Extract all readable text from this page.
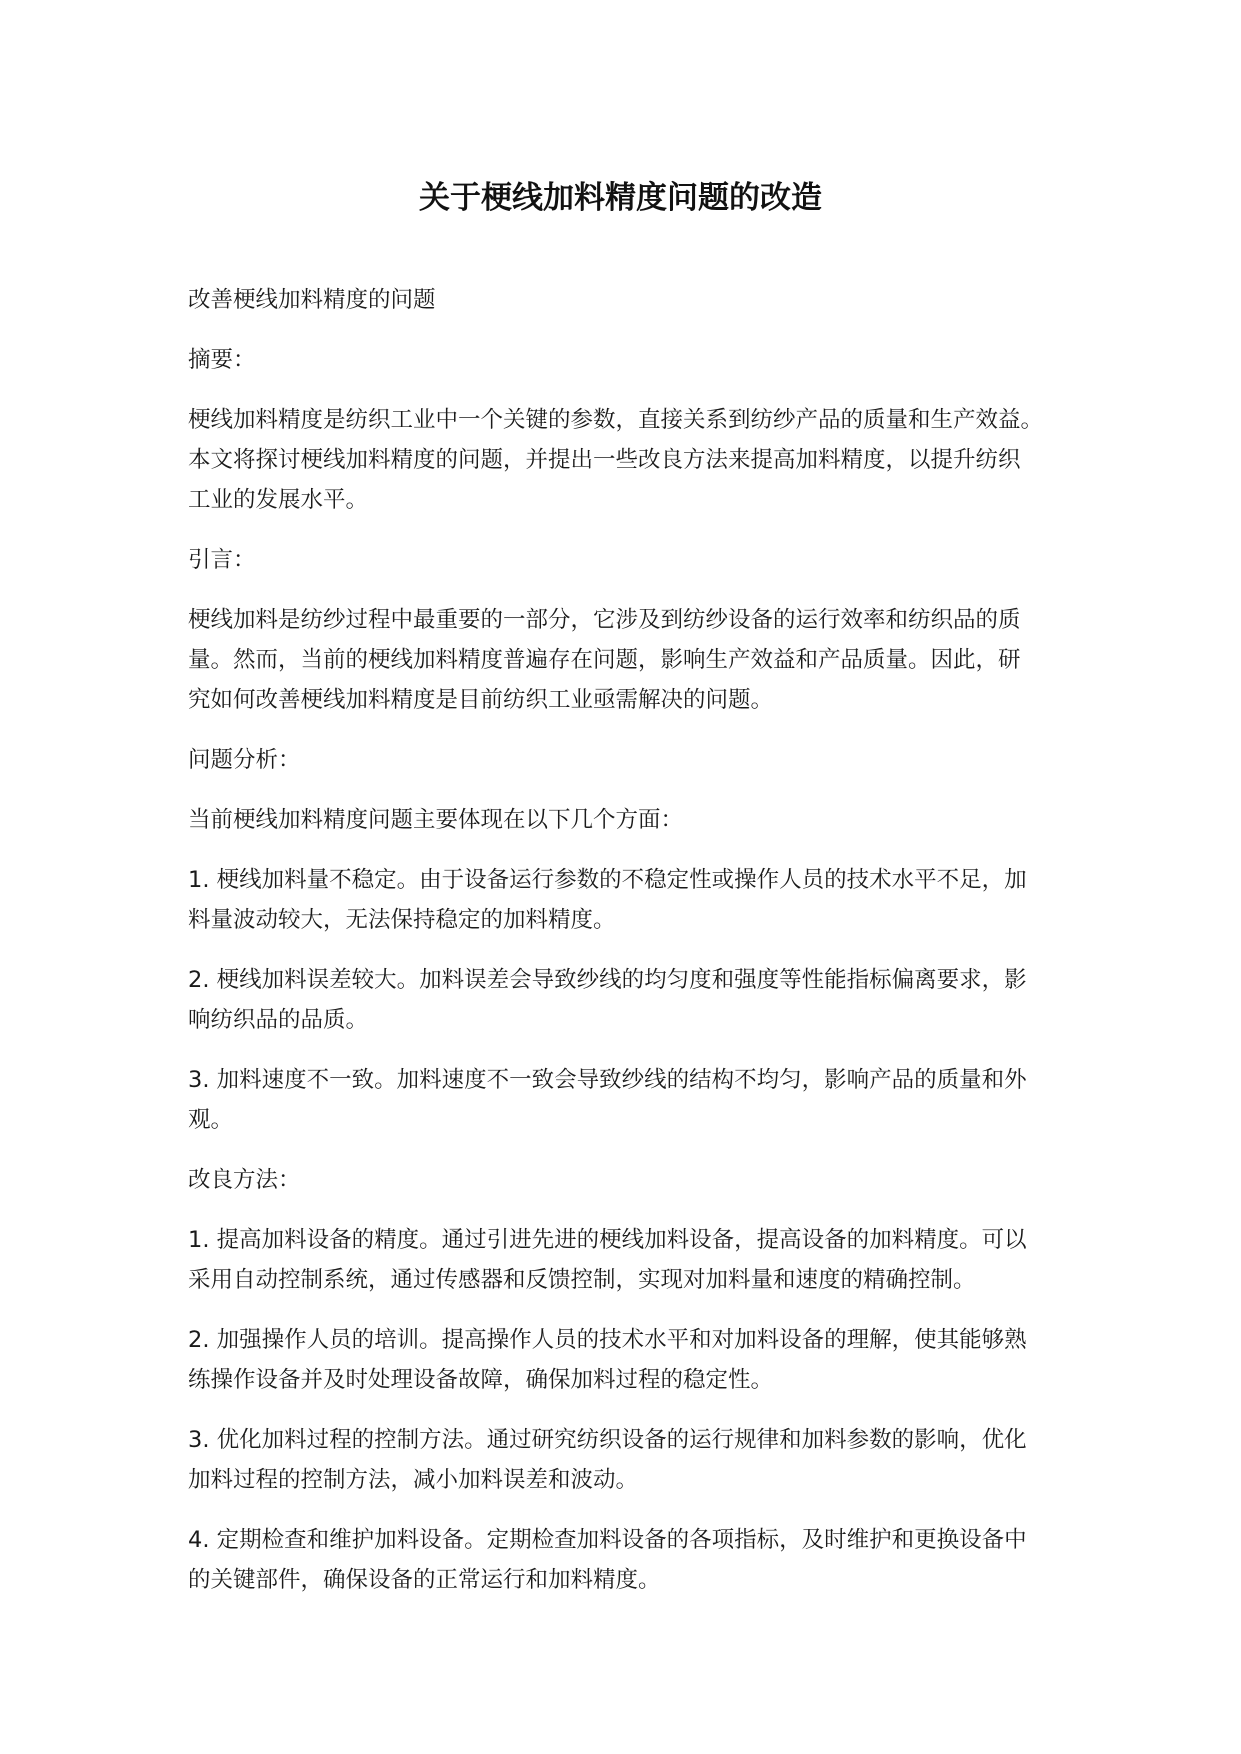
关于梗线加料精度问题的改造

改善梗线加料精度的问题

摘要：

梗线加料精度是纺织工业中一个关键的参数，直接关系到纺纱产品的质量和生产效益。
本文将探讨梗线加料精度的问题，并提出一些改良方法来提高加料精度，以提升纺织
工业的发展水平。

引言：

梗线加料是纺纱过程中最重要的一部分，它涉及到纺纱设备的运行效率和纺织品的质
量。然而，当前的梗线加料精度普遍存在问题，影响生产效益和产品质量。因此，研
究如何改善梗线加料精度是目前纺织工业亟需解决的问题。

问题分析：

当前梗线加料精度问题主要体现在以下几个方面：

1. 梗线加料量不稳定。由于设备运行参数的不稳定性或操作人员的技术水平不足，加
料量波动较大，无法保持稳定的加料精度。

2. 梗线加料误差较大。加料误差会导致纱线的均匀度和强度等性能指标偏离要求，影
响纺织品的品质。

3. 加料速度不一致。加料速度不一致会导致纱线的结构不均匀，影响产品的质量和外
观。

改良方法：

1. 提高加料设备的精度。通过引进先进的梗线加料设备，提高设备的加料精度。可以
采用自动控制系统，通过传感器和反馈控制，实现对加料量和速度的精确控制。

2. 加强操作人员的培训。提高操作人员的技术水平和对加料设备的理解，使其能够熟
练操作设备并及时处理设备故障，确保加料过程的稳定性。

3. 优化加料过程的控制方法。通过研究纺织设备的运行规律和加料参数的影响，优化
加料过程的控制方法，减小加料误差和波动。

4. 定期检查和维护加料设备。定期检查加料设备的各项指标，及时维护和更换设备中
的关键部件，确保设备的正常运行和加料精度。
